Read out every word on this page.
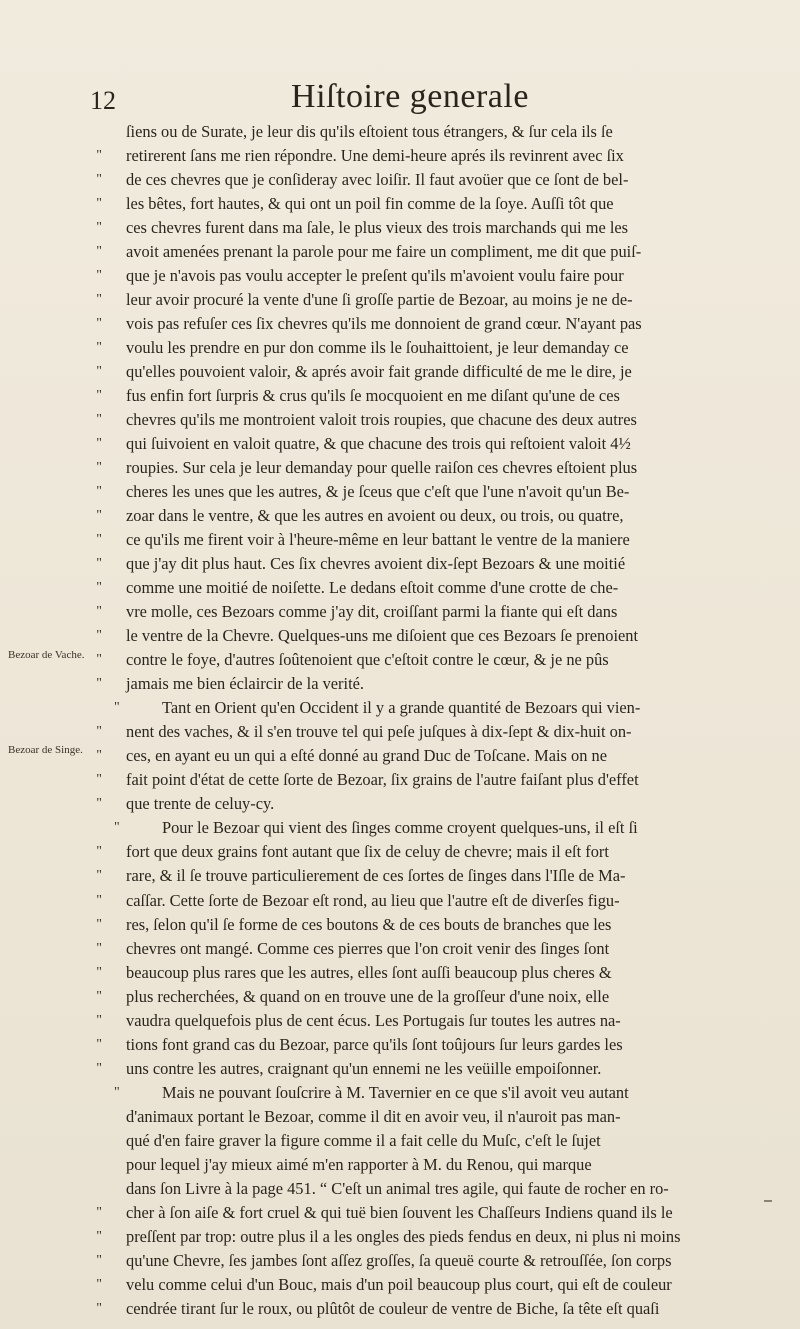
12	Hiſtoire generale
Bezoar de Vache.
Bezoar de Singe.
ſiens ou de Surate, je leur dis qu'ils eſtoient tous étrangers, & ſur cela ils ſe
" retirerent ſans me rien répondre. Une demi-heure aprés ils revinrent avec ſix
" de ces chevres que je conſideray avec loiſir. Il faut avoüer que ce ſont de bel-
" les bêtes, fort hautes, & qui ont un poil fin comme de la ſoye. Auſſi tôt que
" ces chevres furent dans ma ſale, le plus vieux des trois marchands qui me les
" avoit amenées prenant la parole pour me faire un compliment, me dit que puiſ-
" que je n'avois pas voulu accepter le preſent qu'ils m'avoient voulu faire pour
" leur avoir procuré la vente d'une ſi groſſe partie de Bezoar, au moins je ne de-
" vois pas refuſer ces ſix chevres qu'ils me donnoient de grand cœur. N'ayant pas
" voulu les prendre en pur don comme ils le ſouhaittoient, je leur demanday ce
" qu'elles pouvoient valoir, & aprés avoir fait grande difficulté de me le dire, je
" fus enfin fort ſurpris & crus qu'ils ſe mocquoient en me diſant qu'une de ces
" chevres qu'ils me montroient valoit trois roupies, que chacune des deux autres
" qui ſuivoient en valoit quatre, & que chacune des trois qui reſtoient valoit 4½
" roupies. Sur cela je leur demanday pour quelle raiſon ces chevres eſtoient plus
" cheres les unes que les autres, & je ſceus que c'eſt que l'une n'avoit qu'un Be-
" zoar dans le ventre, & que les autres en avoient ou deux, ou trois, ou quatre,
" ce qu'ils me firent voir à l'heure-même en leur battant le ventre de la maniere
" que j'ay dit plus haut. Ces ſix chevres avoient dix-ſept Bezoars & une moitié
" comme une moitié de noiſette. Le dedans eſtoit comme d'une crotte de che-
" vre molle, ces Bezoars comme j'ay dit, croiſſant parmi la fiante qui eſt dans
" le ventre de la Chevre. Quelques-uns me diſoient que ces Bezoars ſe prenoient
" contre le foye, d'autres ſoûtenoient que c'eſtoit contre le cœur, & je ne pûs
" jamais me bien éclaircir de la verité.
"	Tant en Orient qu'en Occident il y a grande quantité de Bezoars qui vien-
" nent des vaches, & il s'en trouve tel qui peſe juſques à dix-ſept & dix-huit on-
" ces, en ayant eu un qui a eſté donné au grand Duc de Toſcane. Mais on ne
" fait point d'état de cette ſorte de Bezoar, ſix grains de l'autre faiſant plus d'effet
" que trente de celuy-cy.
"	Pour le Bezoar qui vient des ſinges comme croyent quelques-uns, il eſt ſi
" fort que deux grains font autant que ſix de celuy de chevre; mais il eſt fort
" rare, & il ſe trouve particulierement de ces ſortes de ſinges dans l'Iſle de Ma-
" caſſar. Cette ſorte de Bezoar eſt rond, au lieu que l'autre eſt de diverſes figu-
" res, ſelon qu'il ſe forme de ces boutons & de ces bouts de branches que les
" chevres ont mangé. Comme ces pierres que l'on croit venir des ſinges ſont
" beaucoup plus rares que les autres, elles ſont auſſi beaucoup plus cheres &
" plus recherchées, & quand on en trouve une de la groſſeur d'une noix, elle
" vaudra quelquefois plus de cent écus. Les Portugais ſur toutes les autres na-
" tions font grand cas du Bezoar, parce qu'ils ſont toûjours ſur leurs gardes les
" uns contre les autres, craignant qu'un ennemi ne les veüille empoiſonner.
"	Mais ne pouvant ſouſcrire à M. Tavernier en ce que s'il avoit veu autant
d'animaux portant le Bezoar, comme il dit en avoir veu, il n'auroit pas man-
qué d'en faire graver la figure comme il a fait celle du Muſc, c'eſt le ſujet
pour lequel j'ay mieux aimé m'en rapporter à M. du Renou, qui marque
dans ſon Livre à la page 451. “ C'eſt un animal tres agile, qui faute de rocher en ro-
" cher à ſon aiſe & fort cruel & qui tuë bien ſouvent les Chaſſeurs Indiens quand ils le
" preſſent par trop: outre plus il a les ongles des pieds fendus en deux, ni plus ni moins
" qu'une Chevre, ſes jambes ſont aſſez groſſes, ſa queuë courte & retrouſſée, ſon corps
" velu comme celui d'un Bouc, mais d'un poil beaucoup plus court, qui eſt de couleur
" cendrée tirant ſur le roux, ou plûtôt de couleur de ventre de Biche, ſa tête eſt quaſi
